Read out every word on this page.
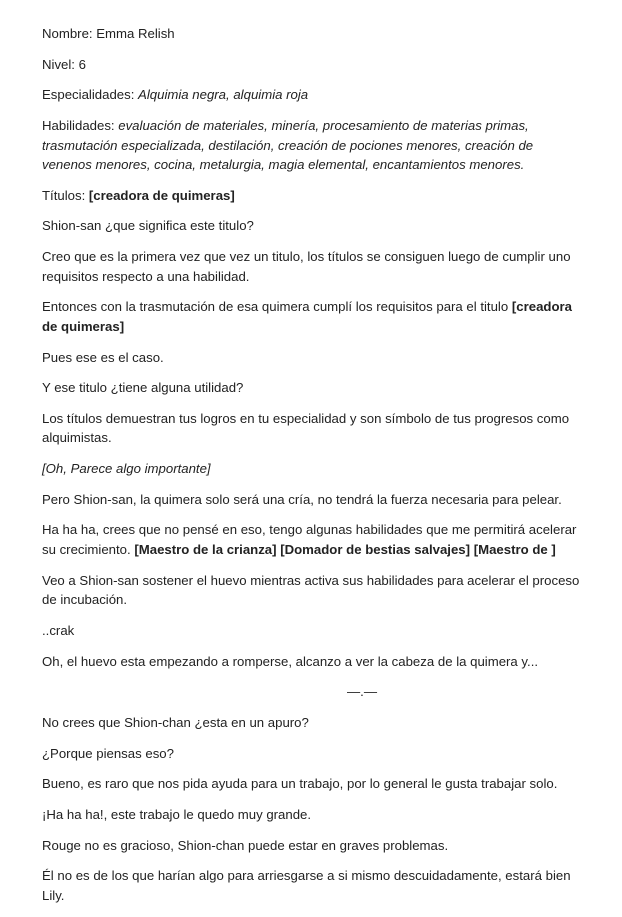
Nombre: Emma Relish

Nivel: 6

Especialidades: Alquimia negra, alquimia roja

Habilidades: evaluación de materiales, minería, procesamiento de materias primas, trasmutación especializada, destilación, creación de pociones menores, creación de venenos menores, cocina, metalurgia, magia elemental, encantamientos menores.

Títulos: [creadora de quimeras]

Shion-san ¿que significa este titulo?

Creo que es la primera vez que vez un titulo, los títulos se consiguen luego de cumplir uno requisitos respecto a una habilidad.

Entonces con la trasmutación de esa quimera cumplí los requisitos para el titulo [creadora de quimeras]

Pues ese es el caso.

Y ese titulo ¿tiene alguna utilidad?

Los títulos demuestran tus logros en tu especialidad y son símbolo de tus progresos como alquimistas.

[Oh, Parece algo importante]

Pero Shion-san, la quimera solo será una cría, no tendrá la fuerza necesaria para pelear.

Ha ha ha, crees que no pensé en eso, tengo algunas habilidades que me permitirá acelerar su crecimiento. [Maestro de la crianza] [Domador de bestias salvajes] [Maestro de ]

Veo a Shion-san sostener el huevo mientras activa sus habilidades para acelerar el proceso de incubación.

..crak

Oh, el huevo esta empezando a romperse, alcanzo a ver la cabeza de la quimera y...

—.—

No crees que Shion-chan ¿esta en un apuro?

¿Porque piensas eso?

Bueno, es raro que nos pida ayuda para un trabajo, por lo general le gusta trabajar solo.

¡Ha ha ha!, este trabajo le quedo muy grande.

Rouge no es gracioso, Shion-chan puede estar en graves problemas.

Él no es de los que harían algo para arriesgarse a si mismo descuidadamente, estará bien Lily.
